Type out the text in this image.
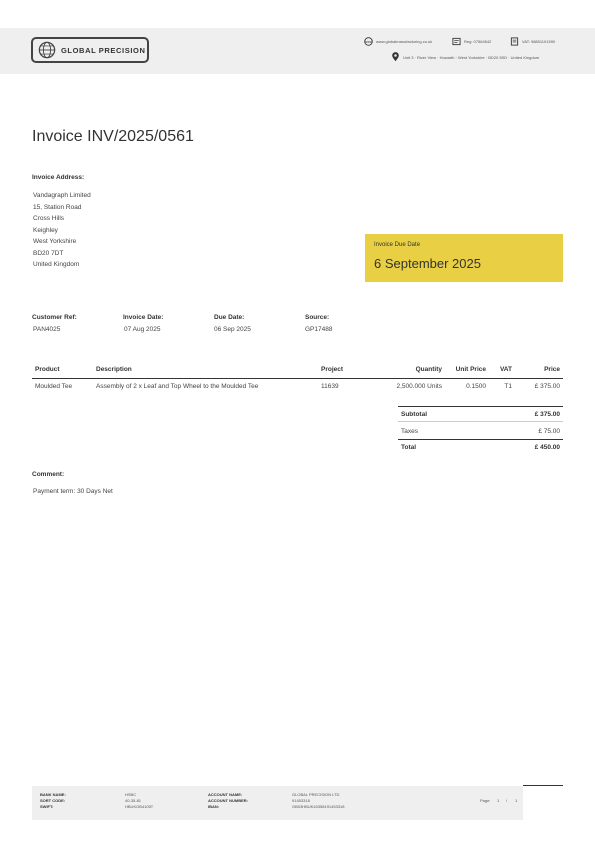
GLOBAL PRECISION
www www.globalmanufacturing.co.uk	Reg: 07564542	VAT: 98851101590
Unit 3 · River View · Howarth · West Yorkshire · BD20 5SD · United Kingdom
Invoice INV/2025/0561
Invoice Address:
Vandagraph Limited
15, Station Road
Cross Hills
Keighley
West Yorkshire
BD20 7DT
United Kingdom
Invoice Due Date
6 September 2025
Customer Ref:
PAN4025
Invoice Date:
07 Aug 2025
Due Date:
06 Sep 2025
Source:
GP17488
Product	Description	Project	Quantity	Unit Price	VAT	Price
Moulded Tee	Assembly of 2 x Leaf and Top Wheel to the Moulded Tee	11639	2,500.000 Units	0.1500	T1	£ 375.00
Subtotal	£ 375.00
Taxes	£ 75.00
Total	£ 450.00
Comment:
Payment term: 30 Days Net
BANK NAME:	HSBC
SORT CODE:	40-35-81
SWIFT:	HBUKGB4105T
ACCOUNT NAME:	GLOBAL PRECISION LTD
ACCOUNT NUMBER:	91453318
IBAN:	GB03HBUK40358191453318
Page: 1 / 1
